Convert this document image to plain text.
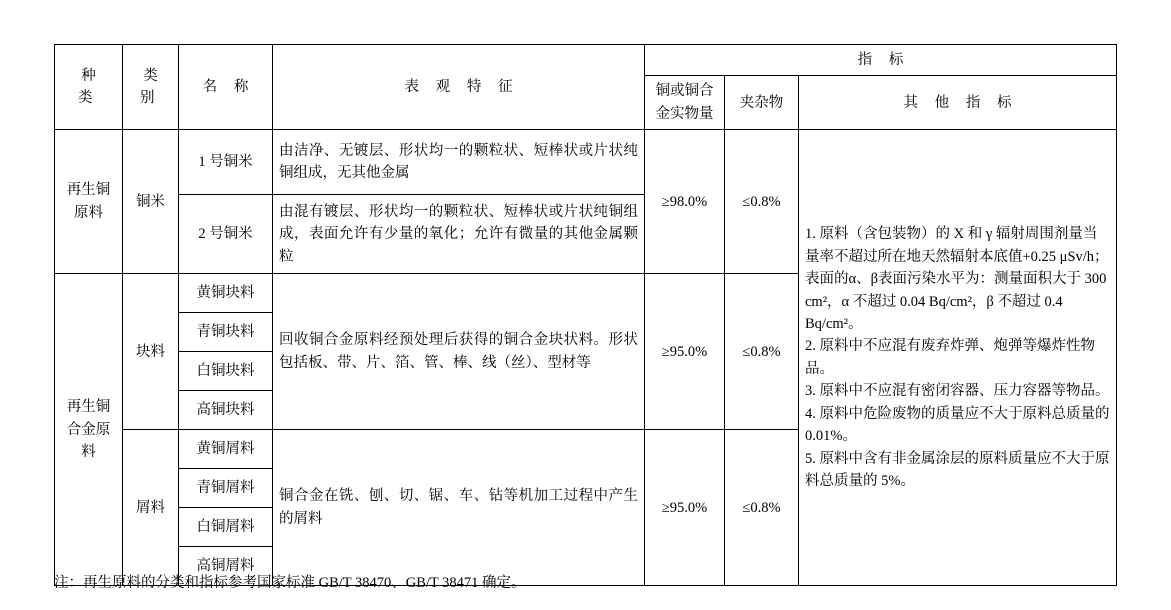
种 类	类 别	名 称	表 观 特 征	指 标		
				铜或铜合金实物量	夹杂物	其 他 指 标
再生铜原料	铜米	1 号铜米	由洁净、无镀层、形状均一的颗粒状、短棒状或片状纯铜组成，无其他金属	≥98.0%	≤0.8%	1. 原料（含包装物）的 X 和 γ 辐射周围剂量当量率不超过所在地天然辐射本底值+0.25 μSv/h；表面的α、β表面污染水平为：测量面积大于 300 cm²，α 不超过 0.04 Bq/cm²，β 不超过 0.4 Bq/cm²。

2. 原料中不应混有废弃炸弹、炮弹等爆炸性物品。

3. 原料中不应混有密闭容器、压力容器等物品。

4. 原料中危险废物的质量应不大于原料总质量的 0.01%。

5. 原料中含有非金属涂层的原料质量应不大于原料总质量的 5%。

		2 号铜米	由混有镀层、形状均一的颗粒状、短棒状或片状纯铜组成，表面允许有少量的氧化；允许有微量的其他金属颗粒			
再生铜合金原料	块料	黄铜块料	回收铜合金原料经预处理后获得的铜合金块状料。形状包括板、带、片、箔、管、棒、线（丝）、型材等	≥95.0%	≤0.8%	
		青铜块料				
		白铜块料				
		高铜块料				
	屑料	黄铜屑料	铜合金在铣、刨、切、锯、车、钻等机加工过程中产生的屑料	≥95.0%	≤0.8%	
		青铜屑料				
		白铜屑料				
		高铜屑料				
注：再生原料的分类和指标参考国家标准 GB/T 38470、GB/T 38471 确定。
